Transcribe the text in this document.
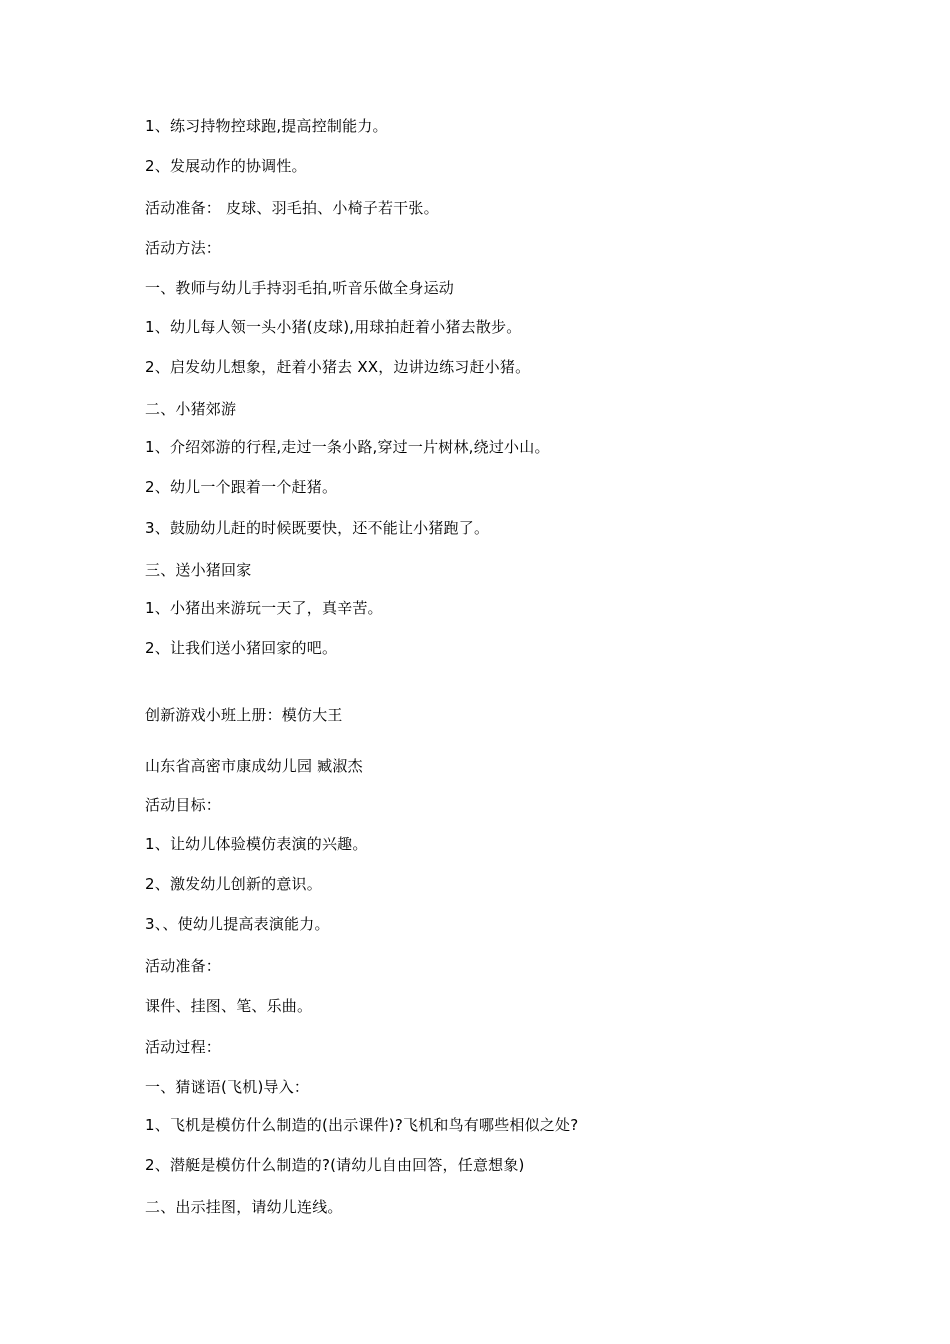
1、练习持物控球跑,提高控制能力。
2、发展动作的协调性。
活动准备： 皮球、羽毛拍、小椅子若干张。
活动方法：
一、教师与幼儿手持羽毛拍,听音乐做全身运动
1、幼儿每人领一头小猪(皮球),用球拍赶着小猪去散步。
2、启发幼儿想象，赶着小猪去 XX，边讲边练习赶小猪。
二、小猪郊游
1、介绍郊游的行程,走过一条小路,穿过一片树林,绕过小山。
2、幼儿一个跟着一个赶猪。
3、鼓励幼儿赶的时候既要快，还不能让小猪跑了。
三、送小猪回家
1、小猪出来游玩一天了，真辛苦。
2、让我们送小猪回家的吧。
创新游戏小班上册：模仿大王
山东省高密市康成幼儿园 臧淑杰
活动目标：
1、让幼儿体验模仿表演的兴趣。
2、激发幼儿创新的意识。
3、、使幼儿提高表演能力。
活动准备：
课件、挂图、笔、乐曲。
活动过程：
一、猜谜语(飞机)导入：
1、飞机是模仿什么制造的(出示课件)?飞机和鸟有哪些相似之处?
2、潜艇是模仿什么制造的?(请幼儿自由回答，任意想象)
二、出示挂图，请幼儿连线。
